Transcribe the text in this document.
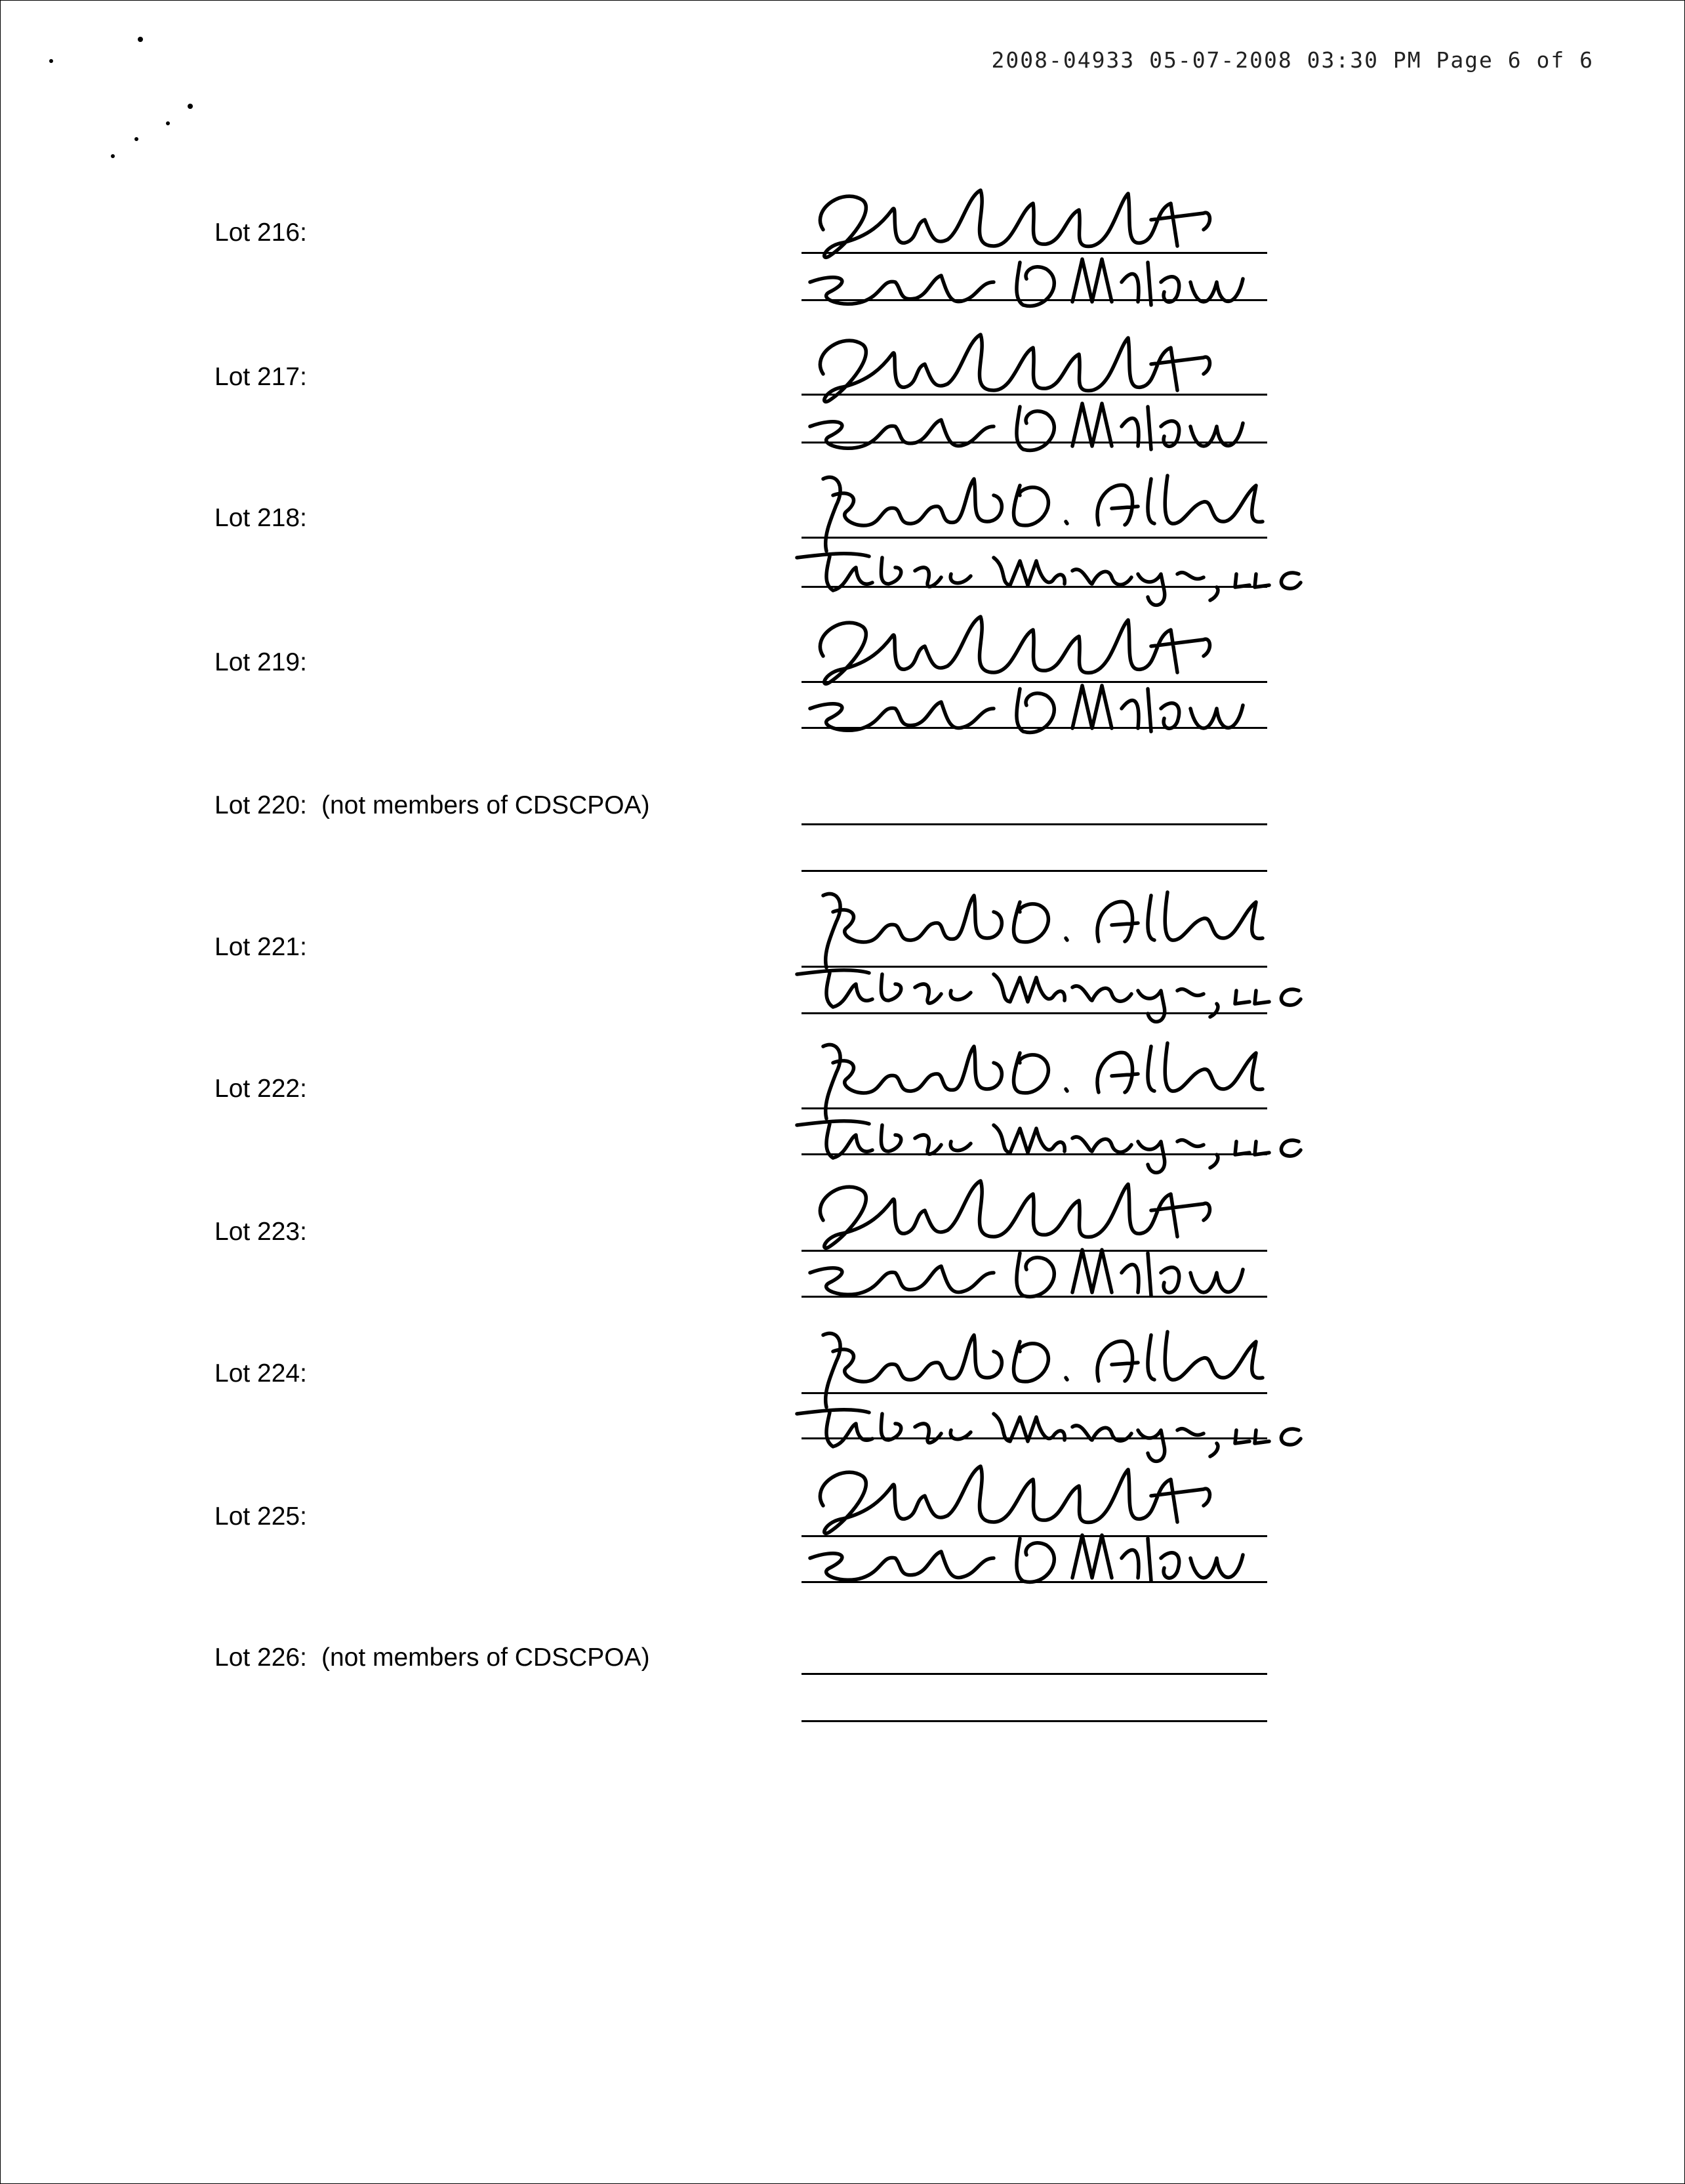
2008-04933 05-07-2008 03:30 PM Page 6 of 6
Lot 216:
Lot 217:
Lot 218:
Lot 219:
Lot 220: (not members of CDSCPOA)
Lot 221:
Lot 222:
Lot 223:
Lot 224:
Lot 225:
Lot 226: (not members of CDSCPOA)
